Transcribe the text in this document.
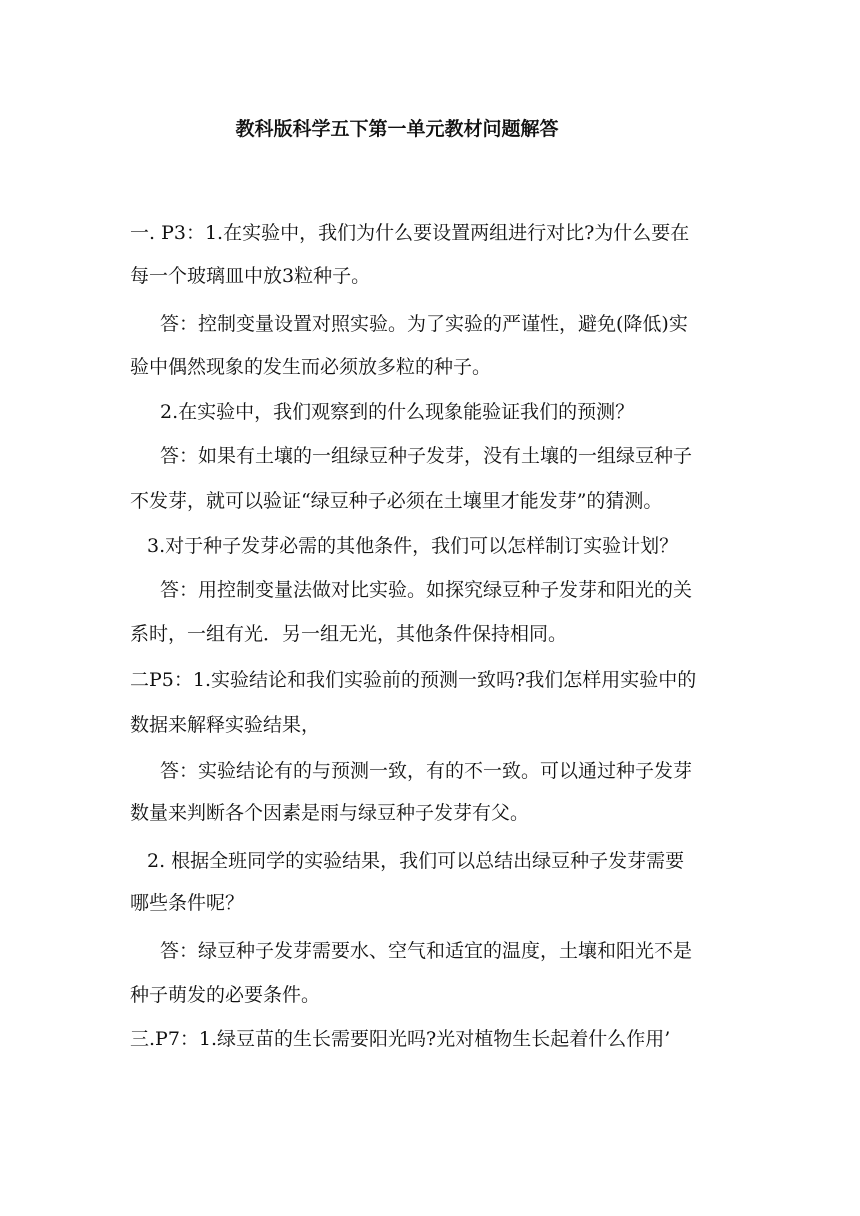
教科版科学五下第一单元教材问题解答

一. P3：1.在实验中，我们为什么要设置两组进行对比?为什么要在

每一个玻璃皿中放3粒种子。

答：控制变量设置对照实验。为了实验的严谨性，避免(降低)实

验中偶然现象的发生而必须放多粒的种子。

2.在实验中，我们观察到的什么现象能验证我们的预测？

答：如果有土壤的一组绿豆种子发芽，没有土壤的一组绿豆种子

不发芽，就可以验证“绿豆种子必须在土壤里才能发芽”的猜测。

3.对于种子发芽必需的其他条件，我们可以怎样制订实验计划？

答：用控制变量法做对比实验。如探究绿豆种子发芽和阳光的关

系时，一组有光．另一组无光，其他条件保持相同。

二P5：1.实验结论和我们实验前的预测一致吗?我们怎样用实验中的

数据来解释实验结果，

答：实验结论有的与预测一致，有的不一致。可以通过种子发芽

数量来判断各个因素是雨与绿豆种子发芽有父。

2. 根据全班同学的实验结果，我们可以总结出绿豆种子发芽需要

哪些条件呢？

答：绿豆种子发芽需要水、空气和适宜的温度，土壤和阳光不是

种子萌发的必要条件。

三.P7：1.绿豆苗的生长需要阳光吗?光对植物生长起着什么作用’
